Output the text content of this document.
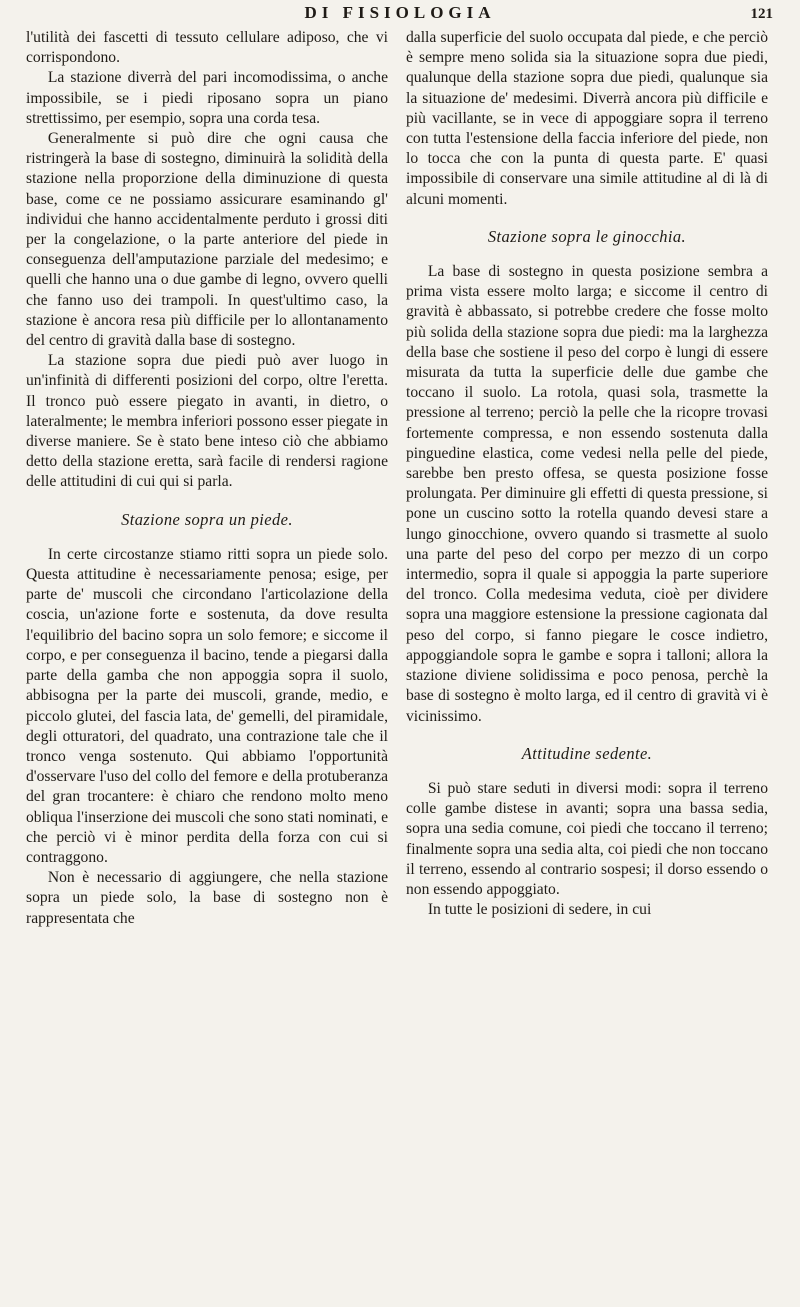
DI FISIOLOGIA	121

l'utilità dei fascetti di tessuto cellulare adiposo, che vi corrispondono.

La stazione diverrà del pari incomodissima, o anche impossibile, se i piedi riposano sopra un piano strettissimo, per esempio, sopra una corda tesa.

Generalmente si può dire che ogni causa che ristringerà la base di sostegno, diminuirà la solidità della stazione nella proporzione della diminuzione di questa base, come ce ne possiamo assicurare esaminando gl' individui che hanno accidentalmente perduto i grossi diti per la congelazione, o la parte anteriore del piede in conseguenza dell'amputazione parziale del medesimo; e quelli che hanno una o due gambe di legno, ovvero quelli che fanno uso dei trampoli. In quest'ultimo caso, la stazione è ancora resa più difficile per lo allontanamento del centro di gravità dalla base di sostegno.

La stazione sopra due piedi può aver luogo in un'infinità di differenti posizioni del corpo, oltre l'eretta. Il tronco può essere piegato in avanti, in dietro, o lateralmente; le membra inferiori possono esser piegate in diverse maniere. Se è stato bene inteso ciò che abbiamo detto della stazione eretta, sarà facile di rendersi ragione delle attitudini di cui qui si parla.

Stazione sopra un piede.

In certe circostanze stiamo ritti sopra un piede solo. Questa attitudine è necessariamente penosa; esige, per parte de' muscoli che circondano l'articolazione della coscia, un'azione forte e sostenuta, da dove resulta l'equilibrio del bacino sopra un solo femore; e siccome il corpo, e per conseguenza il bacino, tende a piegarsi dalla parte della gamba che non appoggia sopra il suolo, abbisogna per la parte dei muscoli, grande, medio, e piccolo glutei, del fascia lata, de' gemelli, del piramidale, degli otturatori, del quadrato, una contrazione tale che il tronco venga sostenuto. Qui abbiamo l'opportunità d'osservare l'uso del collo del femore e della protuberanza del gran trocantere: è chiaro che rendono molto meno obliqua l'inserzione dei muscoli che sono stati nominati, e che perciò vi è minor perdita della forza con cui si contraggono.

Non è necessario di aggiungere, che nella stazione sopra un piede solo, la base di sostegno non è rappresentata che

dalla superficie del suolo occupata dal piede, e che perciò è sempre meno solida sia la situazione sopra due piedi, qualunque della stazione sopra due piedi, qualunque sia la situazione de' medesimi. Diverrà ancora più difficile e più vacillante, se in vece di appoggiare sopra il terreno con tutta l'estensione della faccia inferiore del piede, non lo tocca che con la punta di questa parte. E' quasi impossibile di conservare una simile attitudine al di là di alcuni momenti.

Stazione sopra le ginocchia.

La base di sostegno in questa posizione sembra a prima vista essere molto larga; e siccome il centro di gravità è abbassato, si potrebbe credere che fosse molto più solida della stazione sopra due piedi: ma la larghezza della base che sostiene il peso del corpo è lungi di essere misurata da tutta la superficie delle due gambe che toccano il suolo. La rotola, quasi sola, trasmette la pressione al terreno; perciò la pelle che la ricopre trovasi fortemente compressa, e non essendo sostenuta dalla pinguedine elastica, come vedesi nella pelle del piede, sarebbe ben presto offesa, se questa posizione fosse prolungata. Per diminuire gli effetti di questa pressione, si pone un cuscino sotto la rotella quando devesi stare a lungo ginocchione, ovvero quando si trasmette al suolo una parte del peso del corpo per mezzo di un corpo intermedio, sopra il quale si appoggia la parte superiore del tronco. Colla medesima veduta, cioè per dividere sopra una maggiore estensione la pressione cagionata dal peso del corpo, si fanno piegare le cosce indietro, appoggiandole sopra le gambe e sopra i talloni; allora la stazione diviene solidissima e poco penosa, perchè la base di sostegno è molto larga, ed il centro di gravità vi è vicinissimo.

Attitudine sedente.

Si può stare seduti in diversi modi: sopra il terreno colle gambe distese in avanti; sopra una bassa sedia, sopra una sedia comune, coi piedi che toccano il terreno; finalmente sopra una sedia alta, coi piedi che non toccano il terreno, essendo al contrario sospesi; il dorso essendo o non essendo appoggiato.

In tutte le posizioni di sedere, in cui
